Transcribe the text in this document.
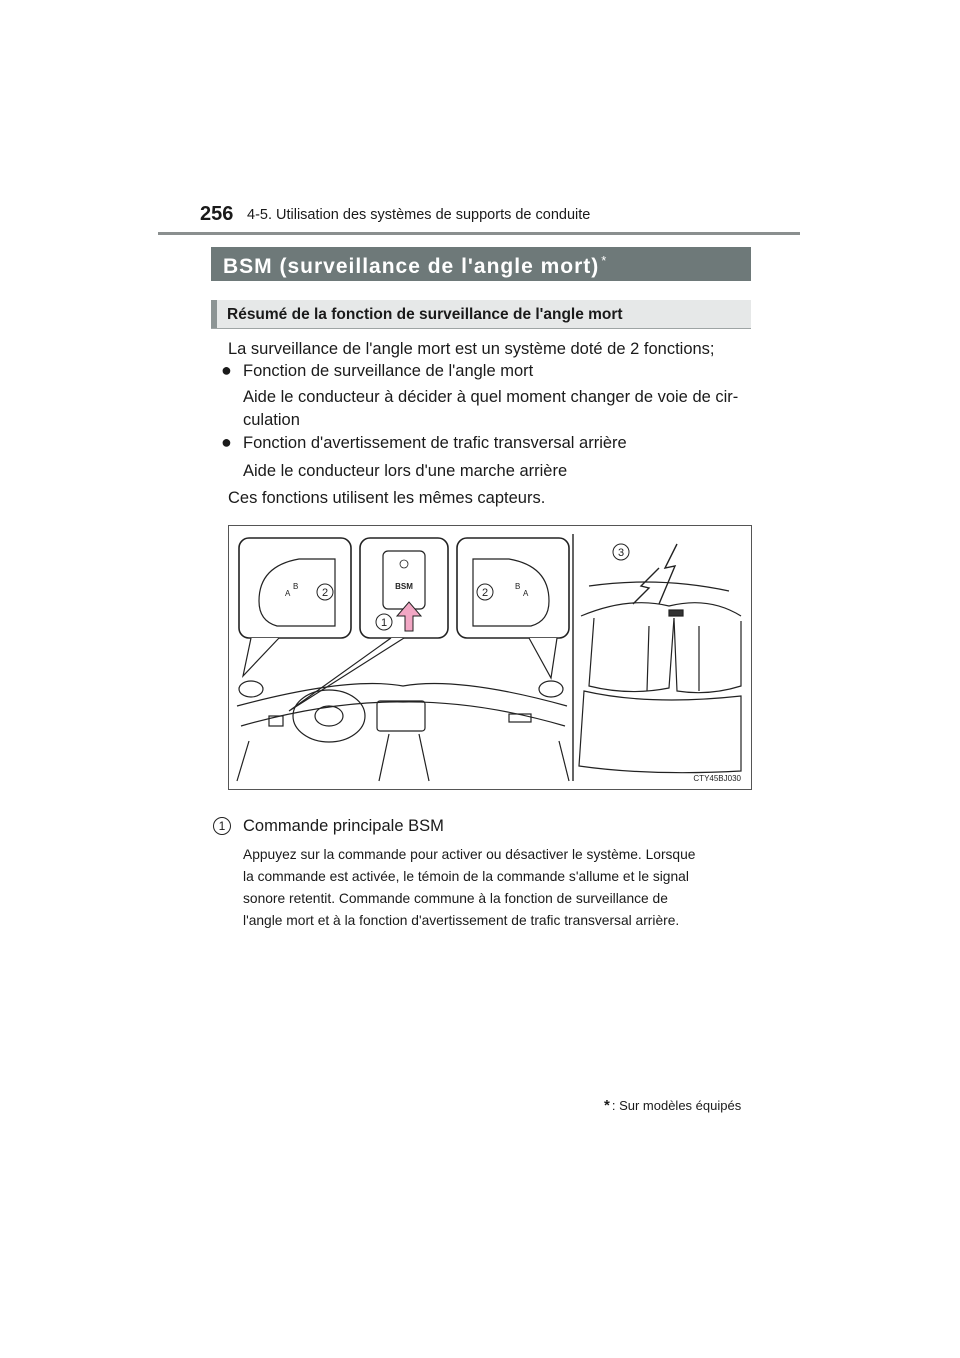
256 4-5. Utilisation des systèmes de supports de conduite
BSM (surveillance de l'angle mort) *
Résumé de la fonction de surveillance de l'angle mort
La surveillance de l'angle mort est un système doté de 2 fonctions;
● Fonction de surveillance de l'angle mort
Aide le conducteur à décider à quel moment changer de voie de cir-
culation
● Fonction d'avertissement de trafic transversal arrière
Aide le conducteur lors d'une marche arrière
Ces fonctions utilisent les mêmes capteurs.
1
2	2
3
A
B	B
A
BSM
CTY45BJ030
1	Commande principale BSM
Appuyez sur la commande pour activer ou désactiver le système. Lorsque
la commande est activée, le témoin de la commande s'allume et le signal
sonore retentit. Commande commune à la fonction de surveillance de
l'angle mort et à la fonction d'avertissement de trafic transversal arrière.
* : Sur modèles équipés
